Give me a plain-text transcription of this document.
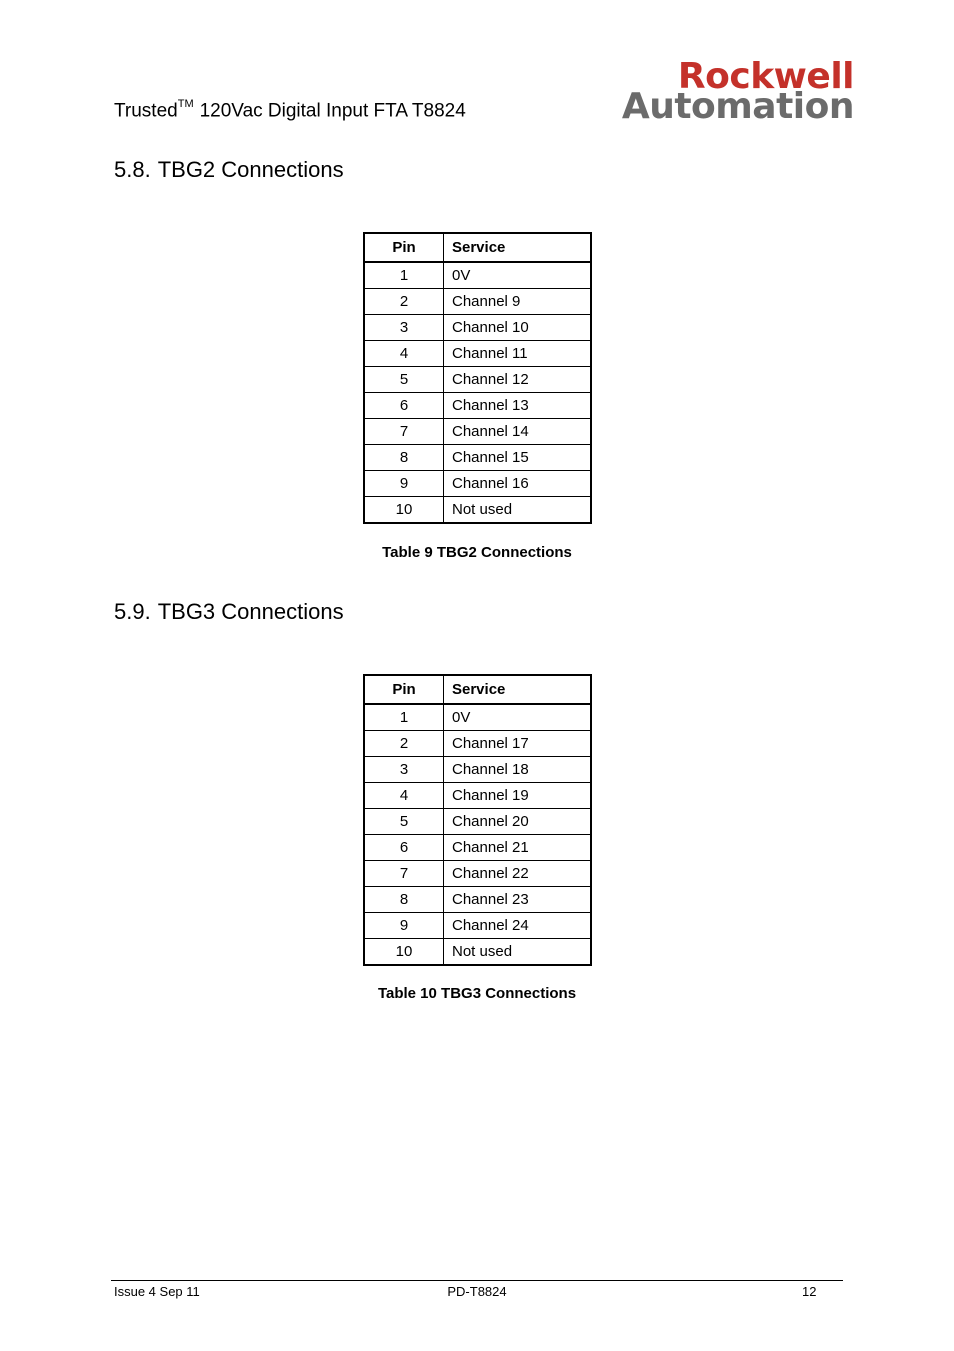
Trusted™ 120Vac Digital Input FTA T8824
Rockwell
Automation
5.8. TBG2 Connections
Pin	Service
1	0V
2	Channel 9
3	Channel 10
4	Channel 11
5	Channel 12
6	Channel 13
7	Channel 14
8	Channel 15
9	Channel 16
10	Not used
Table 9 TBG2 Connections
5.9. TBG3 Connections
Pin	Service
1	0V
2	Channel 17
3	Channel 18
4	Channel 19
5	Channel 20
6	Channel 21
7	Channel 22
8	Channel 23
9	Channel 24
10	Not used
Table 10 TBG3 Connections
Issue 4 Sep 11	PD-T8824	12
